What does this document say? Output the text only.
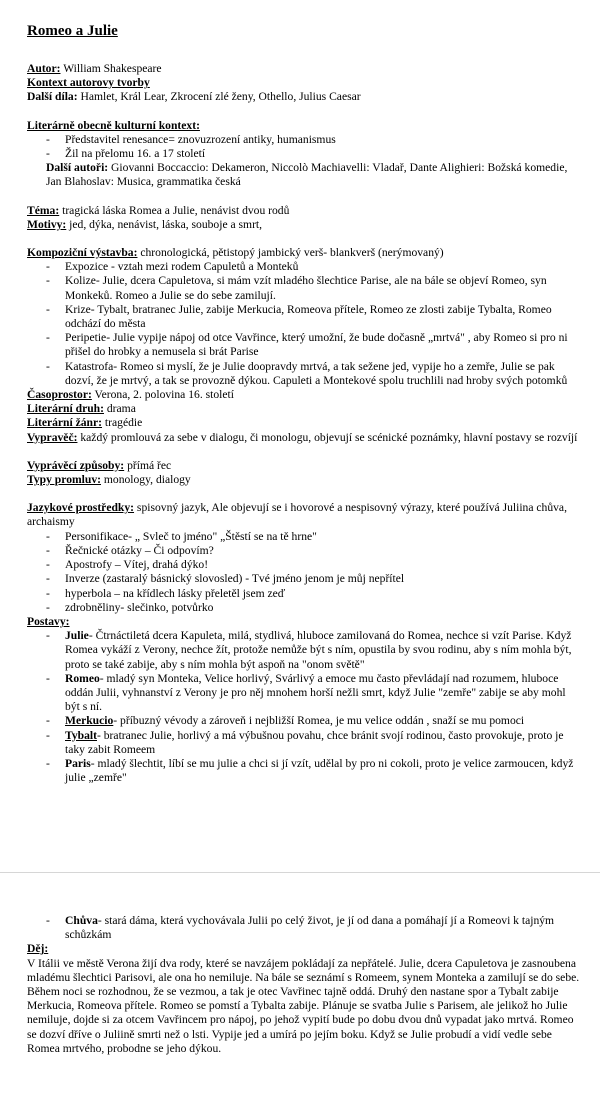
Romeo a Julie
Autor: William Shakespeare
Kontext autorovy tvorby
Další díla: Hamlet, Král Lear, Zkrocení zlé ženy, Othello, Julius Caesar
Literárně obecně kulturní kontext:
- Představitel renesance= znovuzrození antiky, humanismus
- Žil na přelomu 16. a 17 století
Další autoři: Giovanni Boccaccio: Dekameron, Niccolò Machiavelli: Vladař, Dante Alighieri: Božská komedie, Jan Blahoslav: Musica, grammatika česká
Téma: tragická láska Romea a Julie, nenávist dvou rodů
Motivy: jed, dýka, nenávist, láska, souboje a smrt,
Kompoziční výstavba: chronologická, pětistopý jambický verš- blankverš (nerýmovaný)
- Expozice - vztah mezi rodem Capuletů a Monteků
- Kolize- Julie, dcera Capuletova, si mám vzít mladého šlechtice Parise, ale na bále se objeví Romeo, syn Monkeků. Romeo a Julie se do sebe zamilují.
- Krize- Tybalt, bratranec Julie, zabije Merkucia, Romeova přítele, Romeo ze zlosti zabije Tybalta, Romeo odchází do města
- Peripetie- Julie vypije nápoj od otce Vavřince, který umožní, že bude dočasně „mrtvá" , aby Romeo si pro ni přišel do hrobky a nemusela si brát Parise
- Katastrofa- Romeo si myslí, že je Julie doopravdy mrtvá, a tak sežene jed, vypije ho a zemře, Julie se pak dozví, že je mrtvý, a tak se provozně dýkou. Capuleti a Montekové spolu truchlili nad hroby svých potomků
Časoprostor: Verona, 2. polovina 16. století
Literární druh: drama
Literární žánr: tragédie
Vypravěč: každý promlouvá za sebe v dialogu, či monologu, objevují se scénické poznámky, hlavní postavy se rozvíjí
Vyprávěcí způsoby: přímá řec
Typy promluv: monology, dialogy
Jazykové prostředky: spisovný jazyk, Ale objevují se i hovorové a nespisovný výrazy, které používá Juliina chůva, archaismy
- Personifikace- „ Svleč to jméno" „Štěstí se na tě hrne"
- Řečnické otázky – Či odpovím?
- Apostrofy – Vítej, drahá dýko!
- Inverze (zastaralý básnický slovosled) - Tvé jméno jenom je můj nepřítel
- hyperbola – na křídlech lásky přeletěl jsem zeď
- zdrobněliny- slečinko, potvůrko
Postavy:
- Julie- Čtrnáctiletá dcera Kapuleta, milá, stydlivá, hluboce zamilovaná do Romea, nechce si vzít Parise. Když Romea vykáží z Verony, nechce žít, protože nemůže být s ním, opustila by svou rodinu, aby s ním mohla být, proto se také zabije, aby s ním mohla být aspoň na "onom světě"
- Romeo- mladý syn Monteka, Velice horlivý, Svárlivý a emoce mu často převládají nad rozumem, hluboce oddán Julii, vyhnanství z Verony je pro něj mnohem horší nežli smrt, když Julie "zemře" zabije se aby mohl být s ní.
- Merkucio- příbuzný vévody a zároveň i nejbližší Romea, je mu velice oddán , snaží se mu pomoci
- Tybalt- bratranec Julie, horlivý a má výbušnou povahu, chce bránit svojí rodinou, často provokuje, proto je taky zabit Romeem
- Paris- mladý šlechtit, líbí se mu julie a chci si jí vzít, udělal by pro ni cokoli, proto je velice zarmoucen, když julie „zemře"
- Chůva- stará dáma, která vychovávala Julii po celý život, je jí od dana a pomáhají jí a Romeovi k tajným schůzkám
Děj:
V Itálii ve městě Verona žijí dva rody, které se navzájem pokládají za nepřátelé. Julie, dcera Capuletova je zasnoubena mladému šlechtici Parisovi, ale ona ho nemiluje. Na bále se seznámí s Romeem, synem Monteka a zamilují se do sebe. Během noci se rozhodnou, že se vezmou, a tak je otec Vavřinec tajně oddá. Druhý den nastane spor a Tybalt zabije Merkucia, Romeova přítele. Romeo se pomstí a Tybalta zabije. Plánuje se svatba Julie s Parisem, ale jelikož ho Julie nemiluje, dojde si za otcem Vavřincem pro nápoj, po jehož vypití bude po dobu dvou dnů vypadat jako mrtvá. Romeo se dozví dříve o Juliině smrti než o lsti. Vypije jed a umírá po jejím boku. Když se Julie probudí a vidí vedle sebe Romea mrtvého, probodne se jeho dýkou.
